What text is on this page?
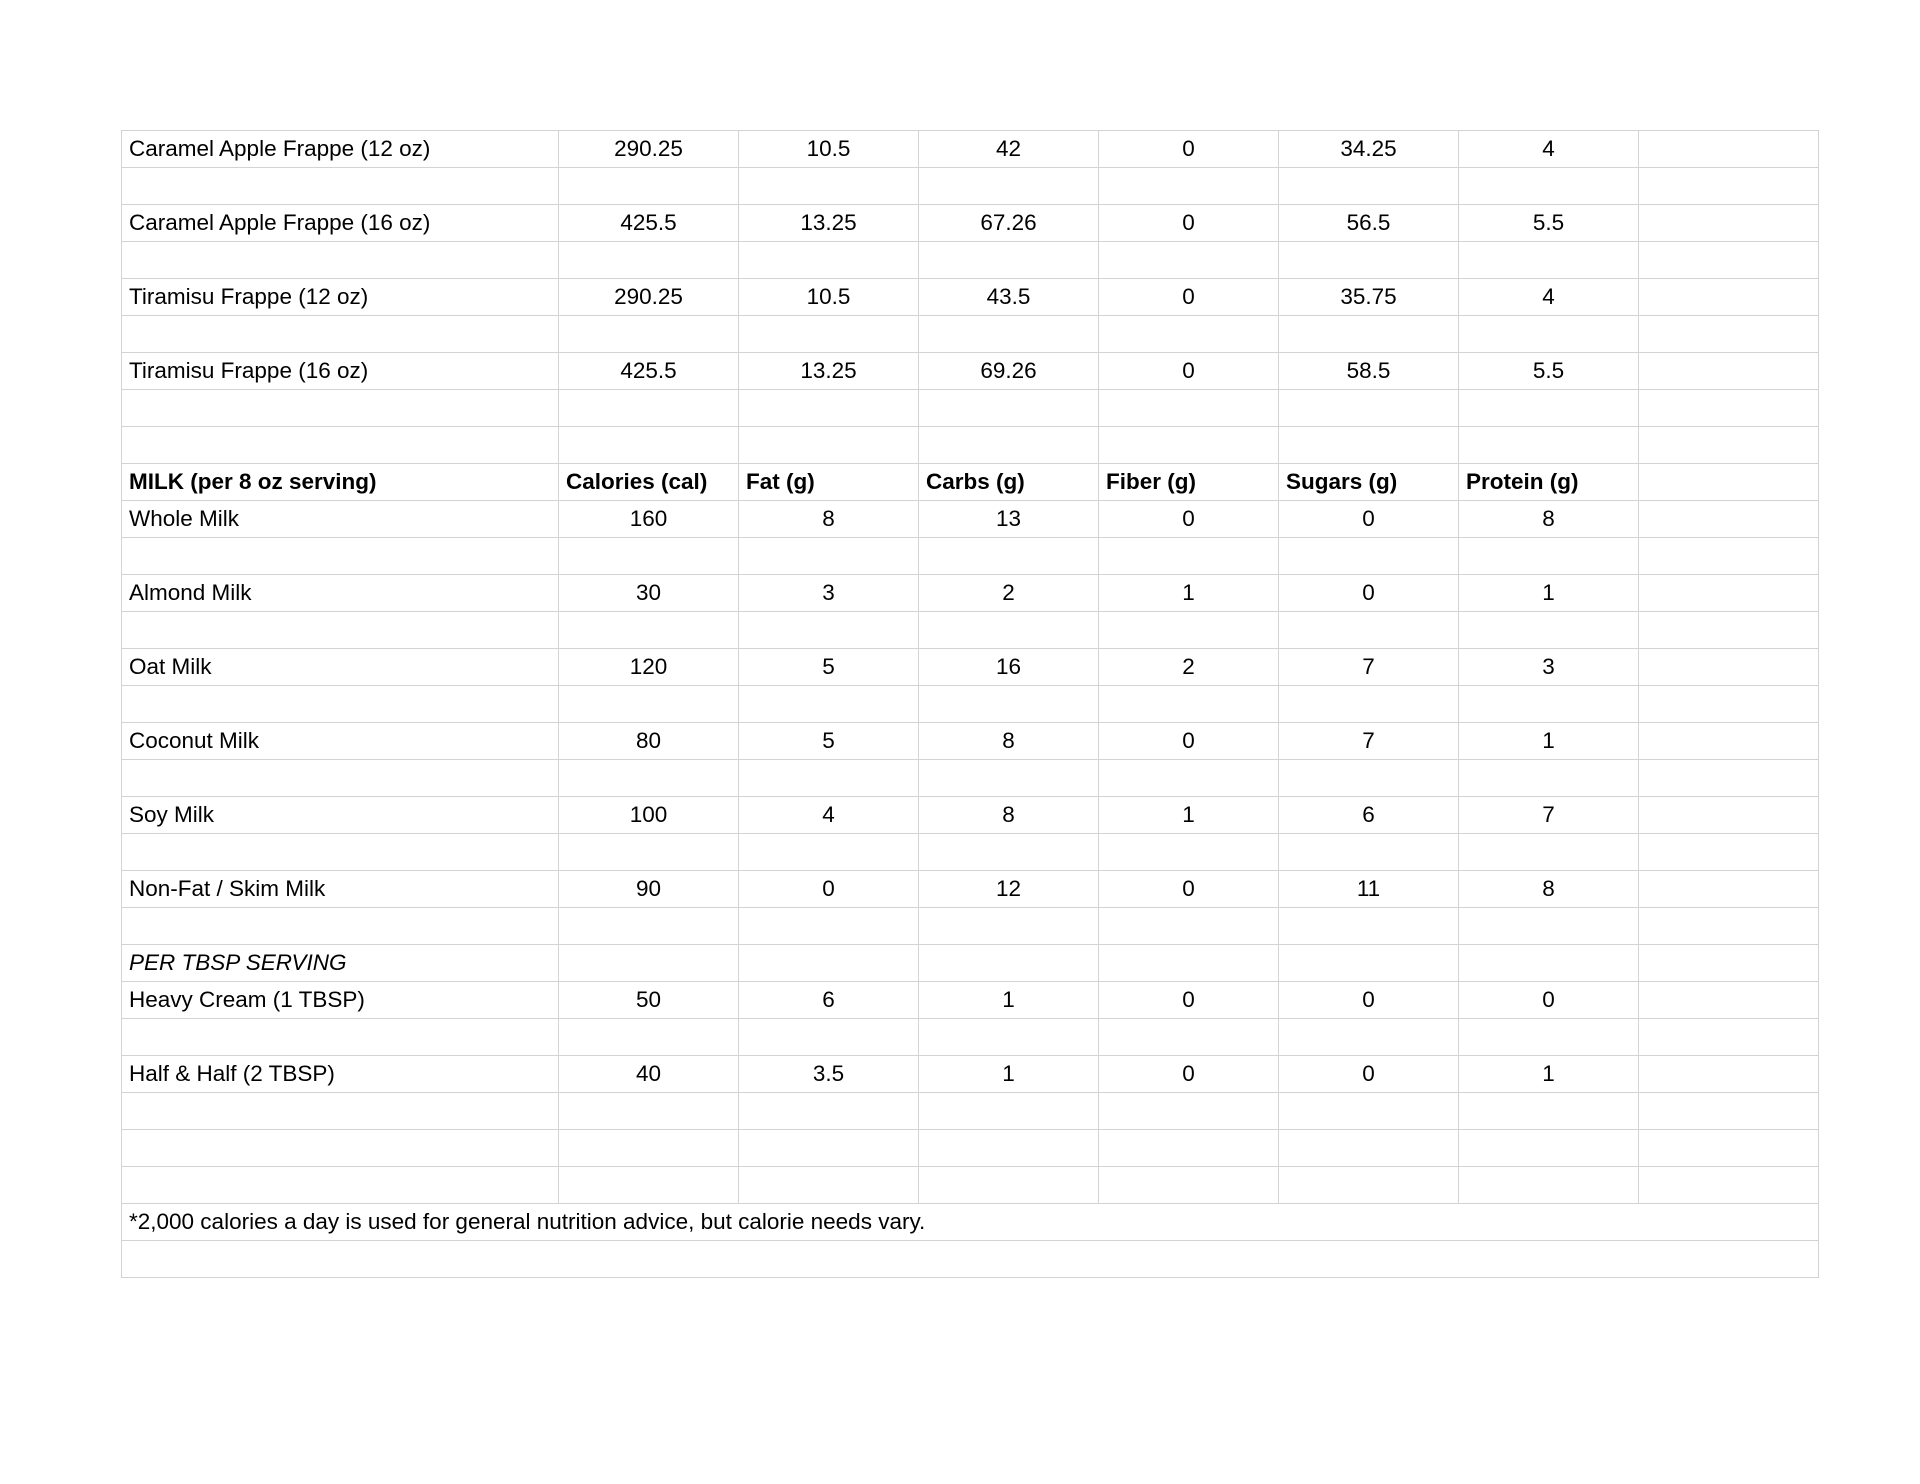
Caramel Apple Frappe (12 oz)	290.25	10.5	42	0	34.25	4	

Caramel Apple Frappe (16 oz)	425.5	13.25	67.26	0	56.5	5.5	

Tiramisu Frappe (12 oz)	290.25	10.5	43.5	0	35.75	4	

Tiramisu Frappe (16 oz)	425.5	13.25	69.26	0	58.5	5.5	

MILK (per 8 oz serving)	Calories (cal)	Fat (g)	Carbs (g)	Fiber (g)	Sugars (g)	Protein (g)	
Whole Milk	160	8	13	0	0	8	

Almond Milk	30	3	2	1	0	1	

Oat Milk	120	5	16	2	7	3	

Coconut Milk	80	5	8	0	7	1	

Soy Milk	100	4	8	1	6	7	

Non-Fat / Skim Milk	90	0	12	0	11	8	

PER TBSP SERVING							
Heavy Cream (1 TBSP)	50	6	1	0	0	0	

Half & Half (2 TBSP)	40	3.5	1	0	0	1	

*2,000 calories a day is used for general nutrition advice, but calorie needs vary.							
